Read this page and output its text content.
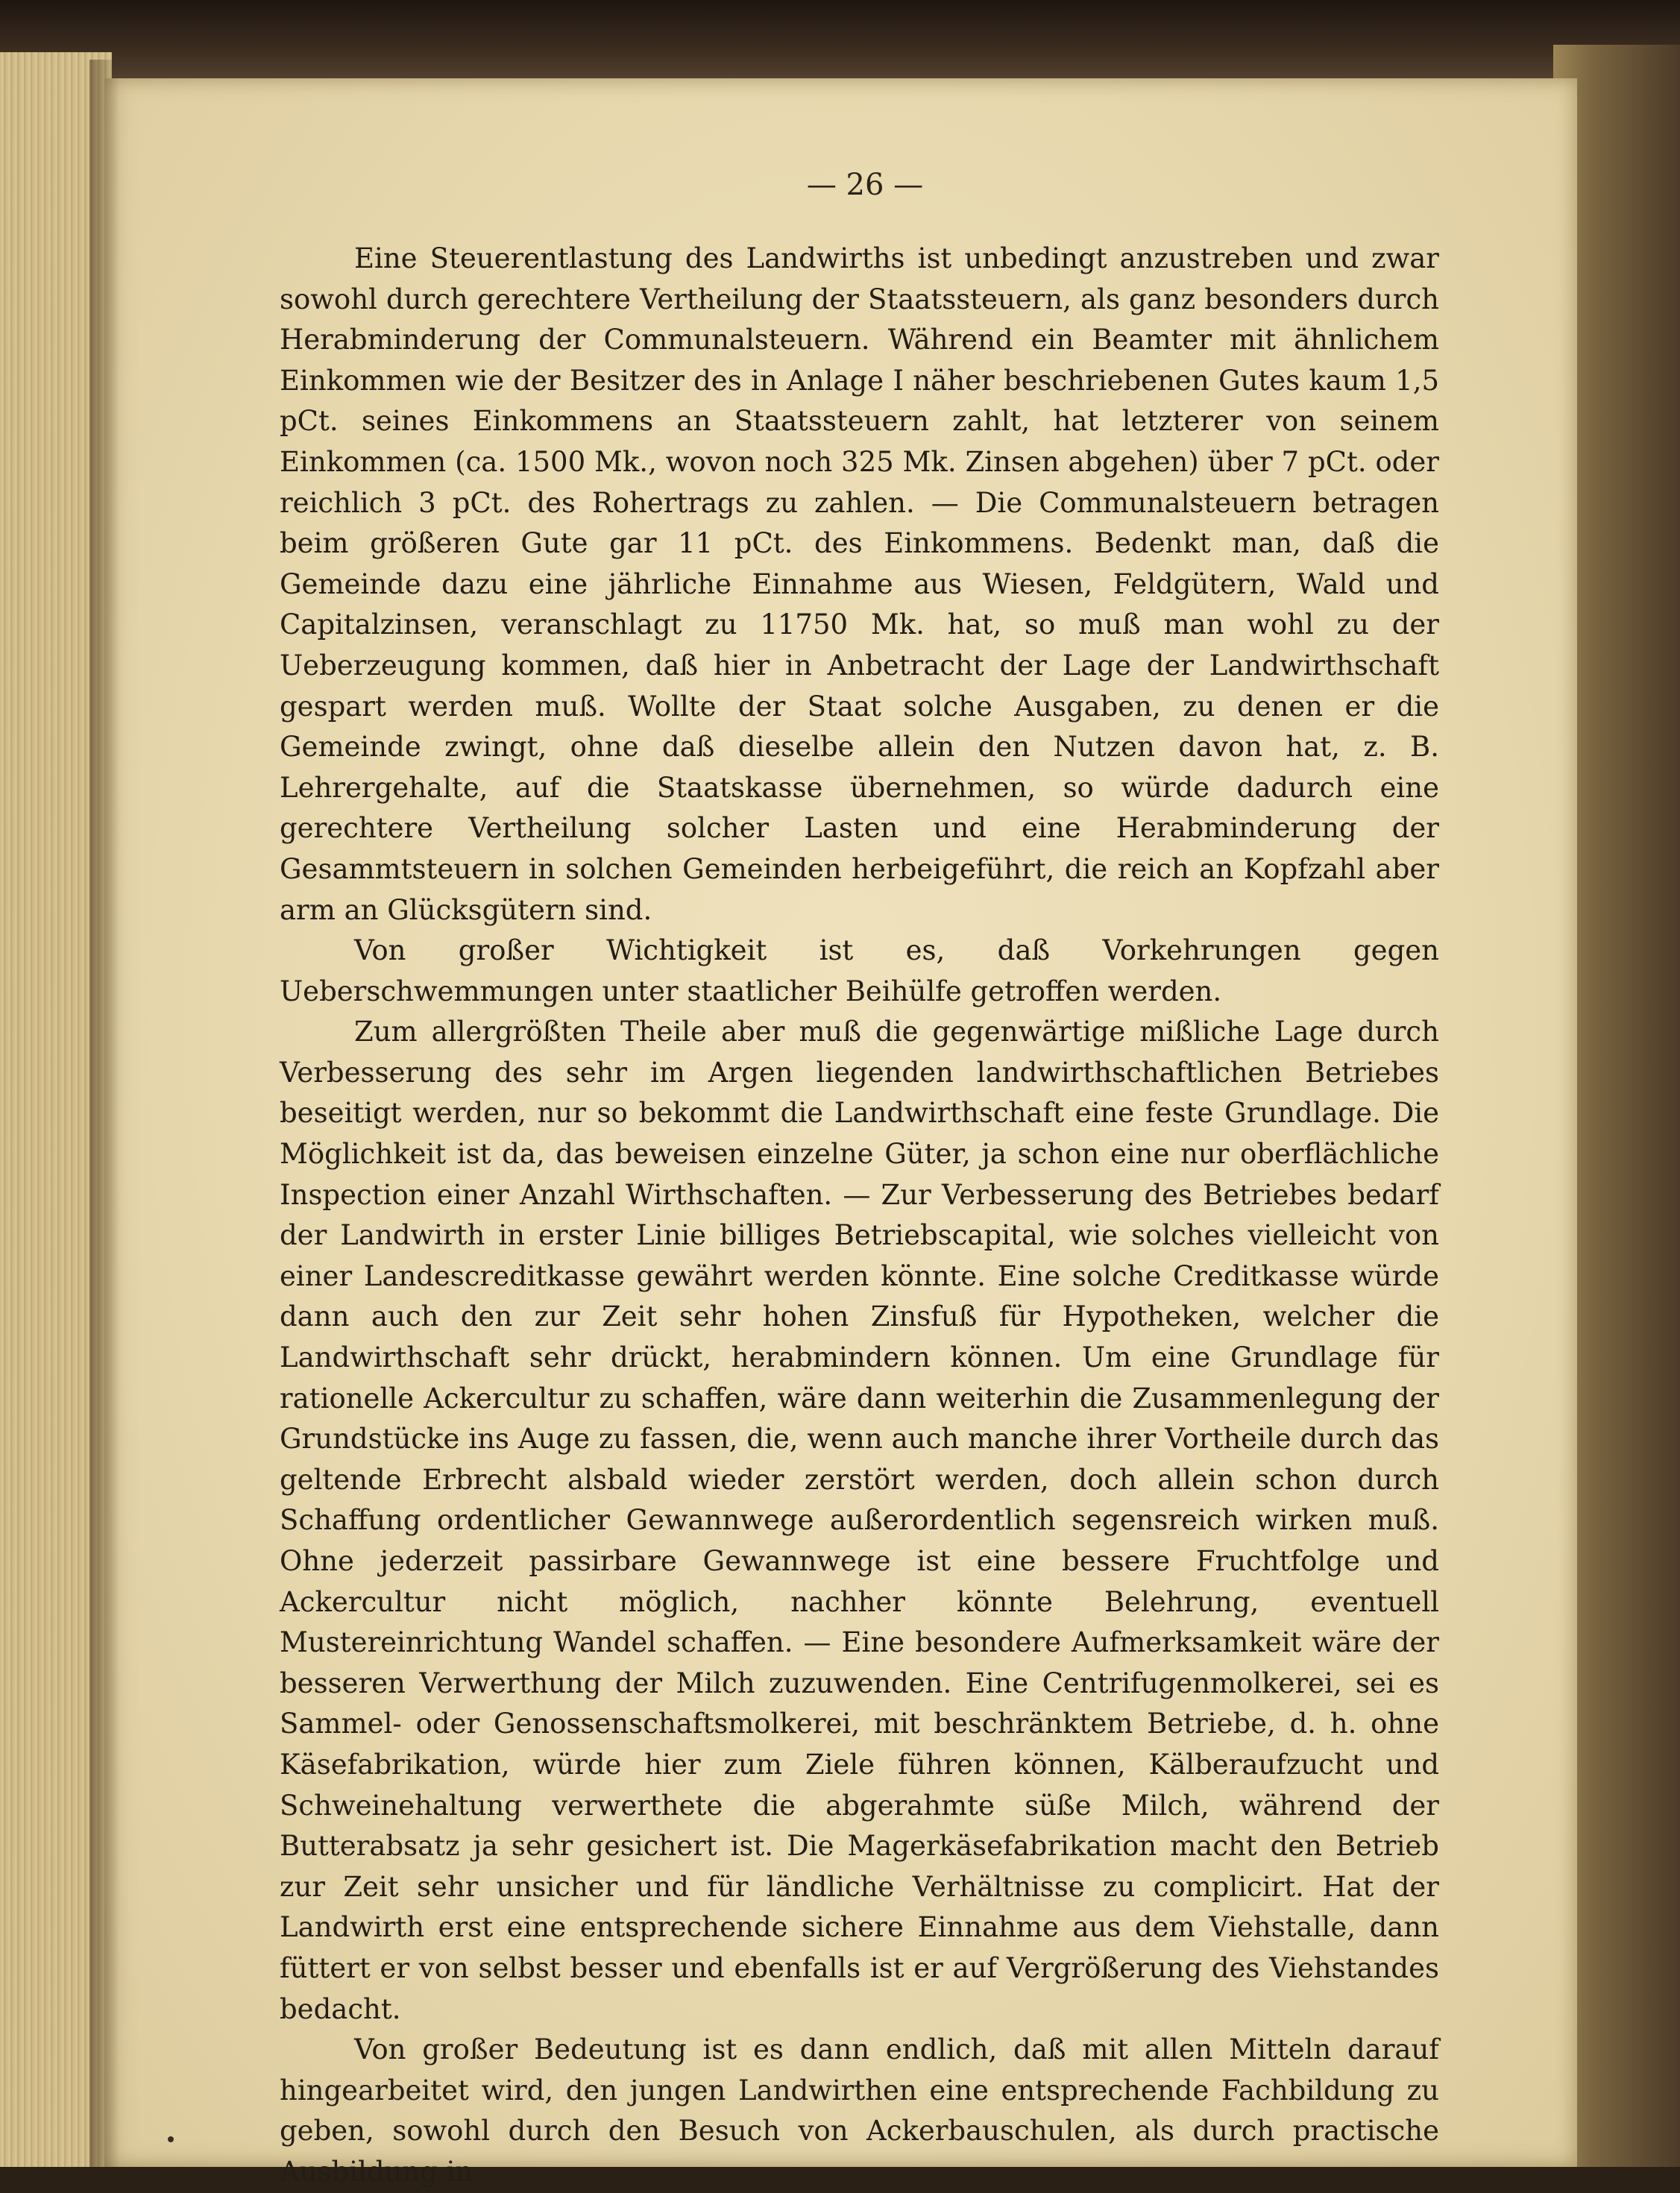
— 26 —

Eine Steuerentlastung des Landwirths ist unbedingt anzustreben und zwar sowohl durch gerechtere Vertheilung der Staatssteuern, als ganz besonders durch Herabminderung der Communalsteuern. Während ein Beamter mit ähnlichem Einkommen wie der Besitzer des in Anlage I näher beschriebenen Gutes kaum 1,5 pCt. seines Einkommens an Staatssteuern zahlt, hat letzterer von seinem Einkommen (ca. 1500 Mk., wovon noch 325 Mk. Zinsen abgehen) über 7 pCt. oder reichlich 3 pCt. des Rohertrags zu zahlen. — Die Communalsteuern betragen beim größeren Gute gar 11 pCt. des Einkommens. Bedenkt man, daß die Gemeinde dazu eine jährliche Einnahme aus Wiesen, Feldgütern, Wald und Capitalzinsen, veranschlagt zu 11750 Mk. hat, so muß man wohl zu der Ueberzeugung kommen, daß hier in Anbetracht der Lage der Landwirthschaft gespart werden muß. Wollte der Staat solche Ausgaben, zu denen er die Gemeinde zwingt, ohne daß dieselbe allein den Nutzen davon hat, z. B. Lehrergehalte, auf die Staatskasse übernehmen, so würde dadurch eine gerechtere Vertheilung solcher Lasten und eine Herabminderung der Gesammtsteuern in solchen Gemeinden herbeigeführt, die reich an Kopfzahl aber arm an Glücksgütern sind.

Von großer Wichtigkeit ist es, daß Vorkehrungen gegen Ueberschwemmungen unter staatlicher Beihülfe getroffen werden.

Zum allergrößten Theile aber muß die gegenwärtige mißliche Lage durch Verbesserung des sehr im Argen liegenden landwirthschaftlichen Betriebes beseitigt werden, nur so bekommt die Landwirthschaft eine feste Grundlage. Die Möglichkeit ist da, das beweisen einzelne Güter, ja schon eine nur oberflächliche Inspection einer Anzahl Wirthschaften. — Zur Verbesserung des Betriebes bedarf der Landwirth in erster Linie billiges Betriebscapital, wie solches vielleicht von einer Landescreditkasse gewährt werden könnte. Eine solche Creditkasse würde dann auch den zur Zeit sehr hohen Zinsfuß für Hypotheken, welcher die Landwirthschaft sehr drückt, herabmindern können. Um eine Grundlage für rationelle Ackercultur zu schaffen, wäre dann weiterhin die Zusammenlegung der Grundstücke ins Auge zu fassen, die, wenn auch manche ihrer Vortheile durch das geltende Erbrecht alsbald wieder zerstört werden, doch allein schon durch Schaffung ordentlicher Gewannwege außerordentlich segensreich wirken muß. Ohne jederzeit passirbare Gewannwege ist eine bessere Fruchtfolge und Ackercultur nicht möglich, nachher könnte Belehrung, eventuell Mustereinrichtung Wandel schaffen. — Eine besondere Aufmerksamkeit wäre der besseren Verwerthung der Milch zuzuwenden. Eine Centrifugenmolkerei, sei es Sammel- oder Genossenschaftsmolkerei, mit beschränktem Betriebe, d. h. ohne Käsefabrikation, würde hier zum Ziele führen können, Kälberaufzucht und Schweinehaltung verwerthete die abgerahmte süße Milch, während der Butterabsatz ja sehr gesichert ist. Die Magerkäsefabrikation macht den Betrieb zur Zeit sehr unsicher und für ländliche Verhältnisse zu complicirt. Hat der Landwirth erst eine entsprechende sichere Einnahme aus dem Viehstalle, dann füttert er von selbst besser und ebenfalls ist er auf Vergrößerung des Viehstandes bedacht.

Von großer Bedeutung ist es dann endlich, daß mit allen Mitteln darauf hingearbeitet wird, den jungen Landwirthen eine entsprechende Fachbildung zu geben, sowohl durch den Besuch von Ackerbauschulen, als durch practische Ausbildung in
